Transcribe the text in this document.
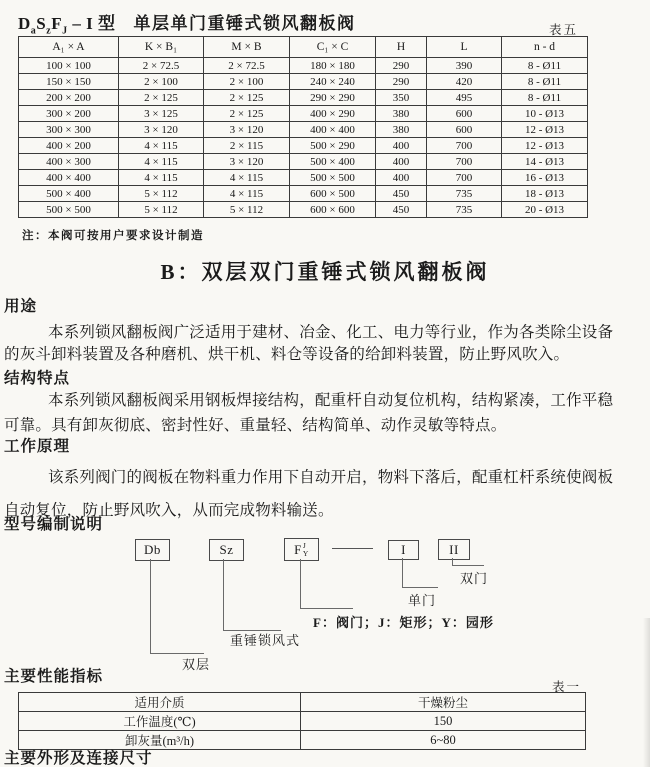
$D_aS_zF_J$ – I 型 单层单门重锤式锁风翻板阀	表五
A₁ × A	K × B₁	M × B	C₁ × C	H	L	n - d
100 × 100	2 × 72.5	2 × 72.5	180 × 180	290	390	8 - Ø11
150 × 150	2 × 100	2 × 100	240 × 240	290	420	8 - Ø11
200 × 200	2 × 125	2 × 125	290 × 290	350	495	8 - Ø11
300 × 200	3 × 125	2 × 125	400 × 290	380	600	10 - Ø13
300 × 300	3 × 120	3 × 120	400 × 400	380	600	12 - Ø13
400 × 200	4 × 115	2 × 115	500 × 290	400	700	12 - Ø13
400 × 300	4 × 115	3 × 120	500 × 400	400	700	14 - Ø13
400 × 400	4 × 115	4 × 115	500 × 500	400	700	16 - Ø13
500 × 400	5 × 112	4 × 115	600 × 500	450	735	18 - Ø13
500 × 500	5 × 112	5 × 112	600 × 600	450	735	20 - Ø13
注：本阀可按用户要求设计制造
B：双层双门重锤式锁风翻板阀
用途

本系列锁风翻板阀广泛适用于建材、冶金、化工、电力等行业，作为各类除尘设备的灰斗卸料装置及各种磨机、烘干机、料仓等设备的给卸料装置，防止野风吹入。

结构特点

本系列锁风翻板阀采用钢板焊接结构，配重杆自动复位机构，结构紧凑，工作平稳可靠。具有卸灰彻底、密封性好、重量轻、结构简单、动作灵敏等特点。

工作原理

该系列阀门的阀板在物料重力作用下自动开启，物料下落后，配重杠杆系统使阀板自动复位，防止野风吹入，从而完成物料输送。

型号编制说明
Db	Sz	F J
Y	I	II
双层
重锤锁风式
F：阀门；J：矩形；Y：园形
单门
双门
主要性能指标
表一
适用介质	干燥粉尘
工作温度(℃)	150
卸灰量(m³/h)	6~80
主要外形及连接尺寸
